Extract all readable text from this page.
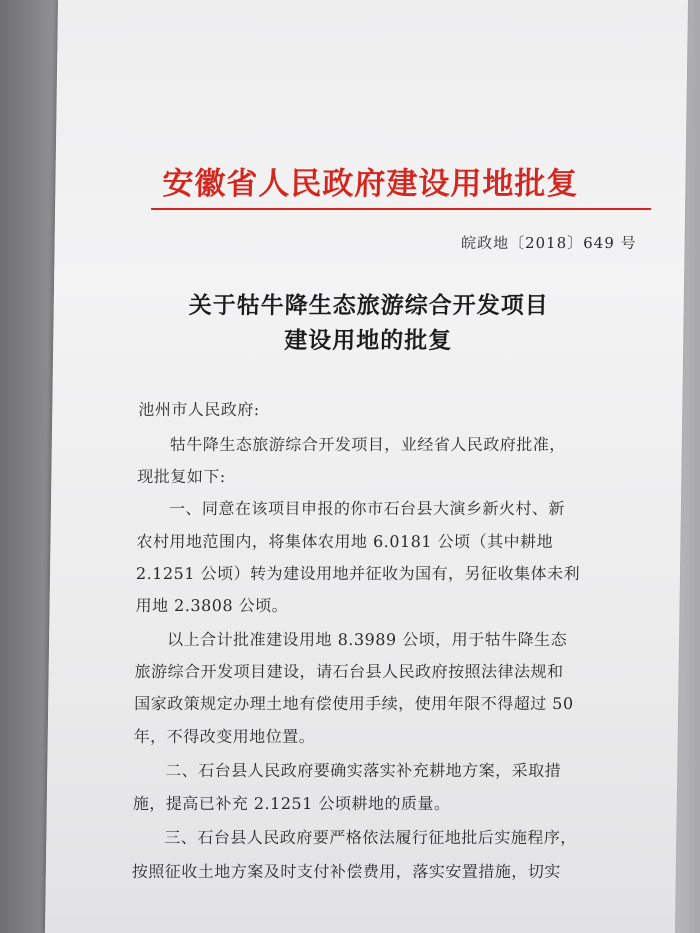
安徽省人民政府建设用地批复
皖政地〔2018〕649 号
关于牯牛降生态旅游综合开发项目
建设用地的批复
池州市人民政府:
牯牛降生态旅游综合开发项目，业经省人民政府批准，
现批复如下:
一、同意在该项目申报的你市石台县大演乡新火村、新
农村用地范围内，将集体农用地 6.0181 公顷（其中耕地
2.1251 公顷）转为建设用地并征收为国有，另征收集体未利
用地 2.3808 公顷。
以上合计批准建设用地 8.3989 公顷，用于牯牛降生态
旅游综合开发项目建设，请石台县人民政府按照法律法规和
国家政策规定办理土地有偿使用手续，使用年限不得超过 50
年，不得改变用地位置。
二、石台县人民政府要确实落实补充耕地方案，采取措
施，提高已补充 2.1251 公顷耕地的质量。
三、石台县人民政府要严格依法履行征地批后实施程序，
按照征收土地方案及时支付补偿费用，落实安置措施，切实
